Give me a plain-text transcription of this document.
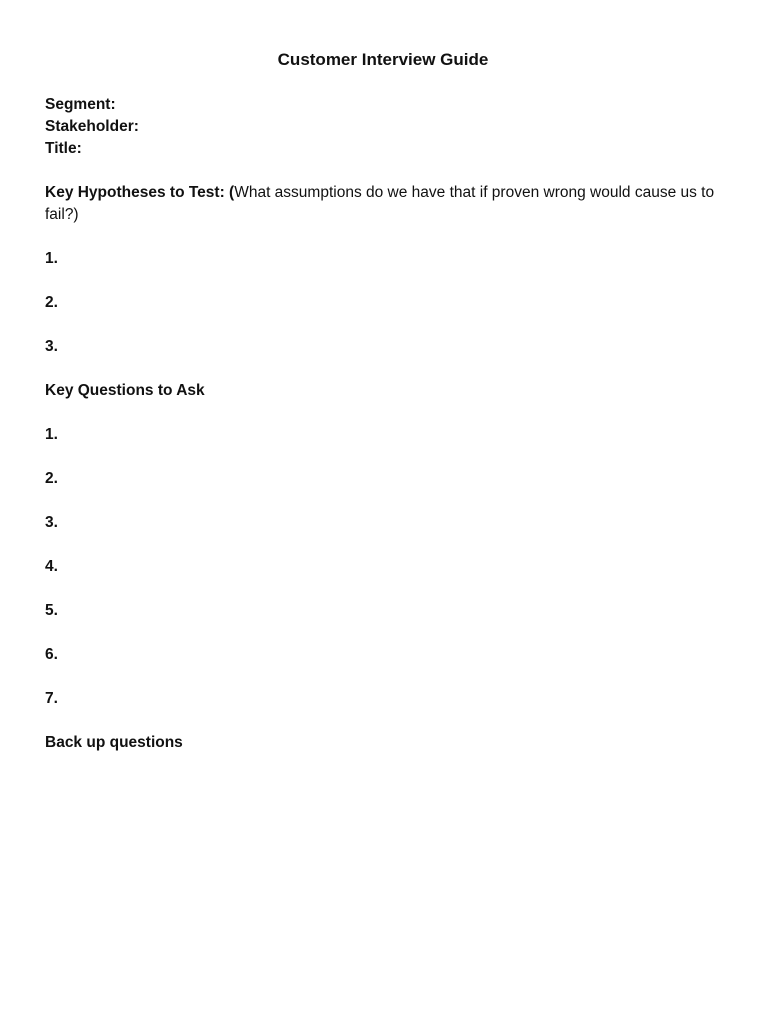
Customer Interview Guide
Segment:
Stakeholder:
Title:
Key Hypotheses to Test: (What assumptions do we have that if proven wrong would cause us to fail?)
1.
2.
3.
Key Questions to Ask
1.
2.
3.
4.
5.
6.
7.
Back up questions
